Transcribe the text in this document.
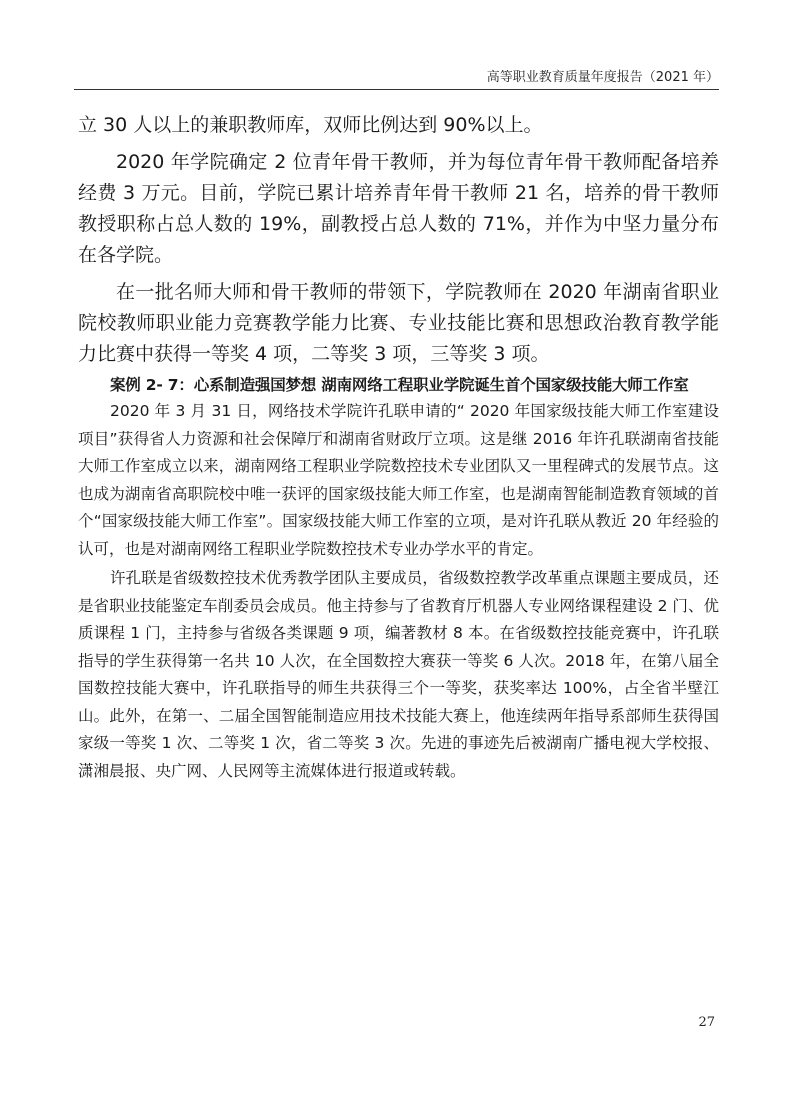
高等职业教育质量年度报告（2021 年）

立 30 人以上的兼职教师库，双师比例达到 90%以上。

2020 年学院确定 2 位青年骨干教师，并为每位青年骨干教师配备培养经费 3 万元。目前，学院已累计培养青年骨干教师 21 名，培养的骨干教师教授职称占总人数的 19%，副教授占总人数的 71%，并作为中坚力量分布在各学院。

在一批名师大师和骨干教师的带领下，学院教师在 2020 年湖南省职业院校教师职业能力竞赛教学能力比赛、专业技能比赛和思想政治教育教学能力比赛中获得一等奖 4 项，二等奖 3 项，三等奖 3 项。

案例 2- 7：心系制造强国梦想 湖南网络工程职业学院诞生首个国家级技能大师工作室

2020 年 3 月 31 日，网络技术学院许孔联申请的“ 2020 年国家级技能大师工作室建设项目”获得省人力资源和社会保障厅和湖南省财政厅立项。这是继 2016 年许孔联湖南省技能大师工作室成立以来，湖南网络工程职业学院数控技术专业团队又一里程碑式的发展节点。这也成为湖南省高职院校中唯一获评的国家级技能大师工作室，也是湖南智能制造教育领域的首个“国家级技能大师工作室”。国家级技能大师工作室的立项，是对许孔联从教近 20 年经验的认可，也是对湖南网络工程职业学院数控技术专业办学水平的肯定。

许孔联是省级数控技术优秀教学团队主要成员，省级数控教学改革重点课题主要成员，还是省职业技能鉴定车削委员会成员。他主持参与了省教育厅机器人专业网络课程建设 2 门、优质课程 1 门，主持参与省级各类课题 9 项，编著教材 8 本。在省级数控技能竞赛中，许孔联指导的学生获得第一名共 10 人次，在全国数控大赛获一等奖 6 人次。2018 年，在第八届全国数控技能大赛中，许孔联指导的师生共获得三个一等奖，获奖率达 100%，占全省半壁江山。此外，在第一、二届全国智能制造应用技术技能大赛上，他连续两年指导系部师生获得国家级一等奖 1 次、二等奖 1 次，省二等奖 3 次。先进的事迹先后被湖南广播电视大学校报、潇湘晨报、央广网、人民网等主流媒体进行报道或转载。

27
